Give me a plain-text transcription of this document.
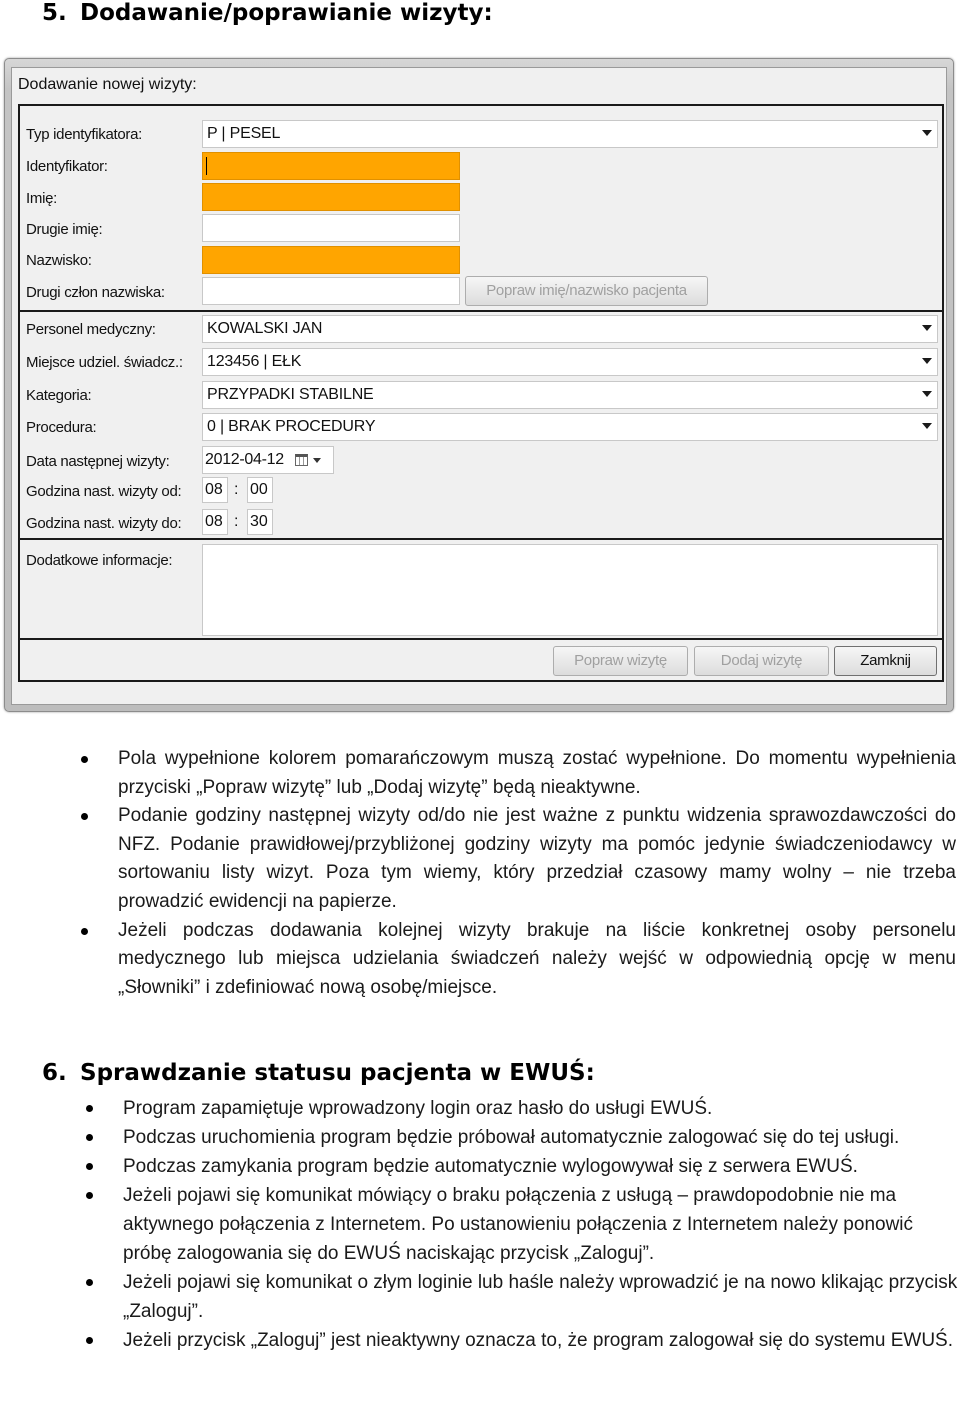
5. Dodawanie/poprawianie wizyty:
Dodawanie nowej wizyty:
Typ identyfikatora:	P | PESEL
Identyfikator:
Imię:
Drugie imię:
Nazwisko:
Drugi człon nazwiska:	Popraw imię/nazwisko pacjenta
Personel medyczny:	KOWALSKI JAN
Miejsce udziel. świadcz.: 123456 | EŁK
Kategoria:	PRZYPADKI STABILNE
Procedura:	0 | BRAK PROCEDURY
Data następnej wizyty: 2012-04-12
Godzina nast. wizyty od: 08 : 00
Godzina nast. wizyty do: 08 : 30
Dodatkowe informacje:
Popraw wizytę	Dodaj wizytę	Zamknij
Pola wypełnione kolorem pomarańczowym muszą zostać wypełnione. Do momentu wypełnienia przyciski „Popraw wizytę” lub „Dodaj wizytę” będą nieaktywne.
Podanie godziny następnej wizyty od/do nie jest ważne z punktu widzenia sprawozdawczości do NFZ. Podanie prawidłowej/przybliżonej godziny wizyty ma pomóc jedynie świadczeniodawcy w sortowaniu listy wizyt. Poza tym wiemy, który przedział czasowy mamy wolny – nie trzeba prowadzić ewidencji na papierze.
Jeżeli podczas dodawania kolejnej wizyty brakuje na liście konkretnej osoby personelu medycznego lub miejsca udzielania świadczeń należy wejść w odpowiednią opcję w menu „Słowniki” i zdefiniować nową osobę/miejsce.
6. Sprawdzanie statusu pacjenta w EWUŚ:
Program zapamiętuje wprowadzony login oraz hasło do usługi EWUŚ.
Podczas uruchomienia program będzie próbował automatycznie zalogować się do tej usługi.
Podczas zamykania program będzie automatycznie wylogowywał się z serwera EWUŚ.
Jeżeli pojawi się komunikat mówiący o braku połączenia z usługą – prawdopodobnie nie ma aktywnego połączenia z Internetem. Po ustanowieniu połączenia z Internetem należy ponowić próbę zalogowania się do EWUŚ naciskając przycisk „Zaloguj”.
Jeżeli pojawi się komunikat o złym loginie lub haśle należy wprowadzić je na nowo klikając przycisk „Zaloguj”.
Jeżeli przycisk „Zaloguj” jest nieaktywny oznacza to, że program zalogował się do systemu EWUŚ.
